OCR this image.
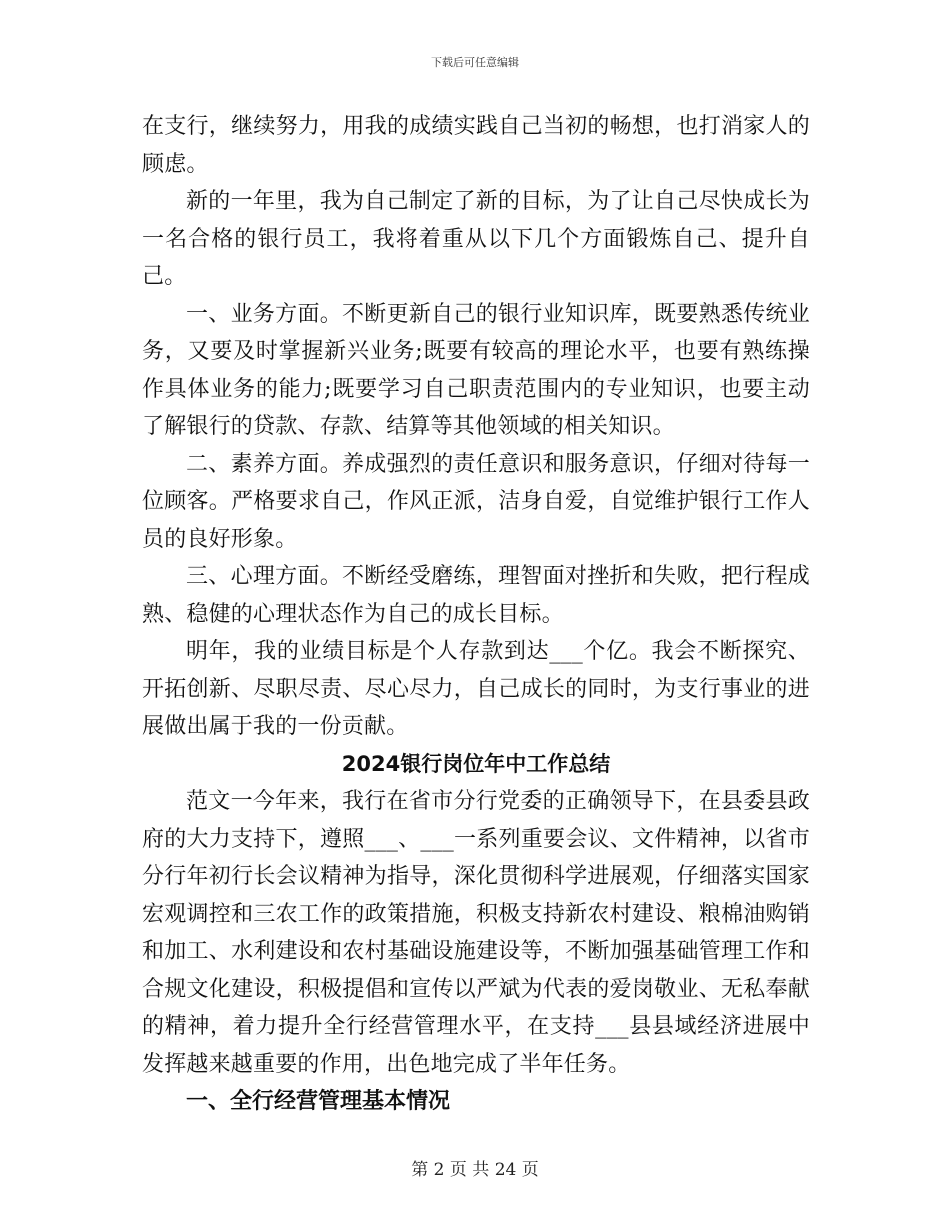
下载后可任意编辑

在支行，继续努力，用我的成绩实践自己当初的畅想，也打消家人的顾虑。

新的一年里，我为自己制定了新的目标，为了让自己尽快成长为一名合格的银行员工，我将着重从以下几个方面锻炼自己、提升自己。

一、业务方面。不断更新自己的银行业知识库，既要熟悉传统业务，又要及时掌握新兴业务;既要有较高的理论水平，也要有熟练操作具体业务的能力;既要学习自己职责范围内的专业知识，也要主动了解银行的贷款、存款、结算等其他领域的相关知识。

二、素养方面。养成强烈的责任意识和服务意识，仔细对待每一位顾客。严格要求自己，作风正派，洁身自爱，自觉维护银行工作人员的良好形象。

三、心理方面。不断经受磨练，理智面对挫折和失败，把行程成熟、稳健的心理状态作为自己的成长目标。

明年，我的业绩目标是个人存款到达___个亿。我会不断探究、开拓创新、尽职尽责、尽心尽力，自己成长的同时，为支行事业的进展做出属于我的一份贡献。

2024银行岗位年中工作总结

范文一今年来，我行在省市分行党委的正确领导下，在县委县政府的大力支持下，遵照___、___一系列重要会议、文件精神，以省市分行年初行长会议精神为指导，深化贯彻科学进展观，仔细落实国家宏观调控和三农工作的政策措施，积极支持新农村建设、粮棉油购销和加工、水利建设和农村基础设施建设等，不断加强基础管理工作和合规文化建设，积极提倡和宣传以严斌为代表的爱岗敬业、无私奉献的精神，着力提升全行经营管理水平，在支持___县县域经济进展中发挥越来越重要的作用，出色地完成了半年任务。

一、全行经营管理基本情况

第 2 页 共 24 页
